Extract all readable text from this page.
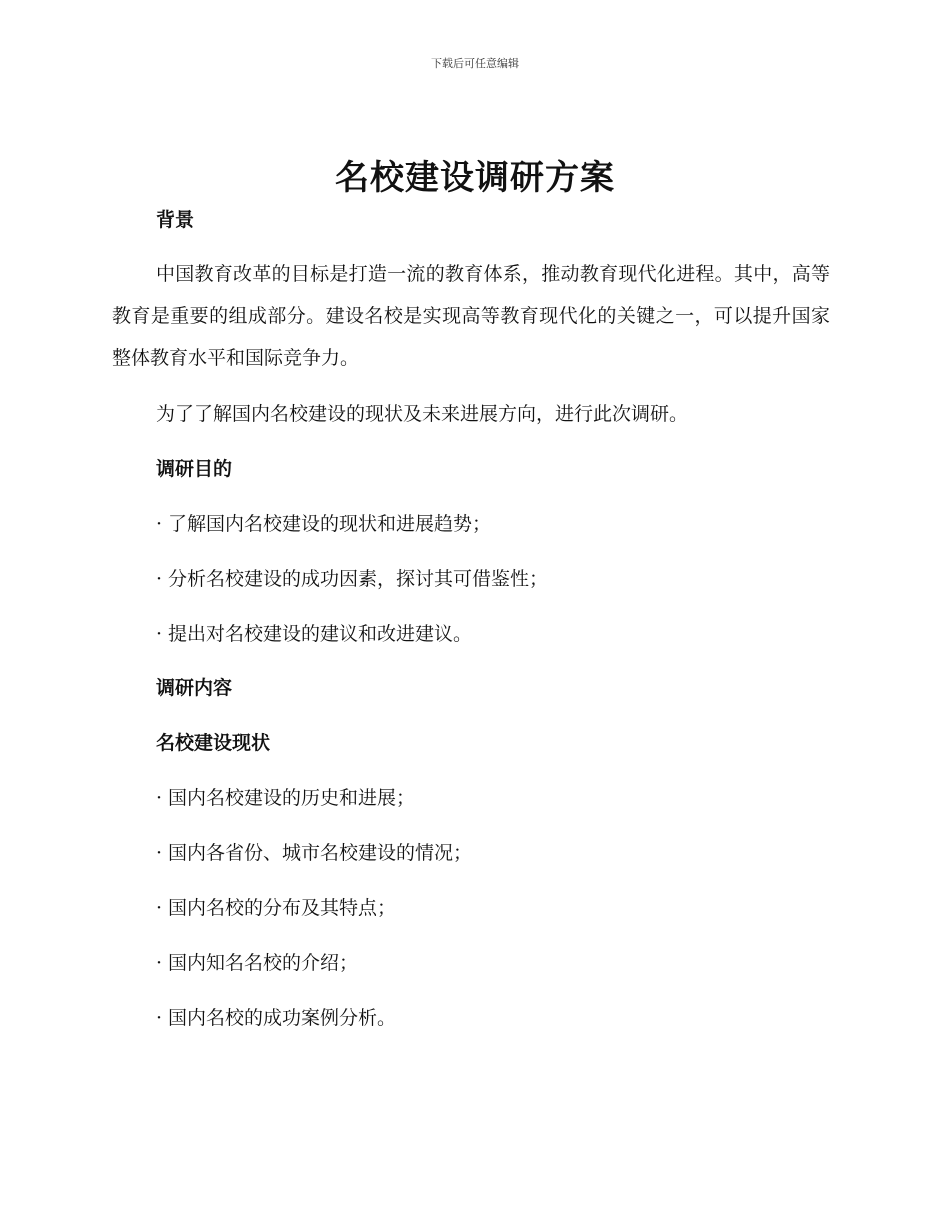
下载后可任意编辑
名校建设调研方案
背景
中国教育改革的目标是打造一流的教育体系，推动教育现代化进程。其中，高等教育是重要的组成部分。建设名校是实现高等教育现代化的关键之一，可以提升国家整体教育水平和国际竞争力。
为了了解国内名校建设的现状及未来进展方向，进行此次调研。
调研目的
· 了解国内名校建设的现状和进展趋势；
· 分析名校建设的成功因素，探讨其可借鉴性；
· 提出对名校建设的建议和改进建议。
调研内容
名校建设现状
· 国内名校建设的历史和进展；
· 国内各省份、城市名校建设的情况；
· 国内名校的分布及其特点；
· 国内知名名校的介绍；
· 国内名校的成功案例分析。
